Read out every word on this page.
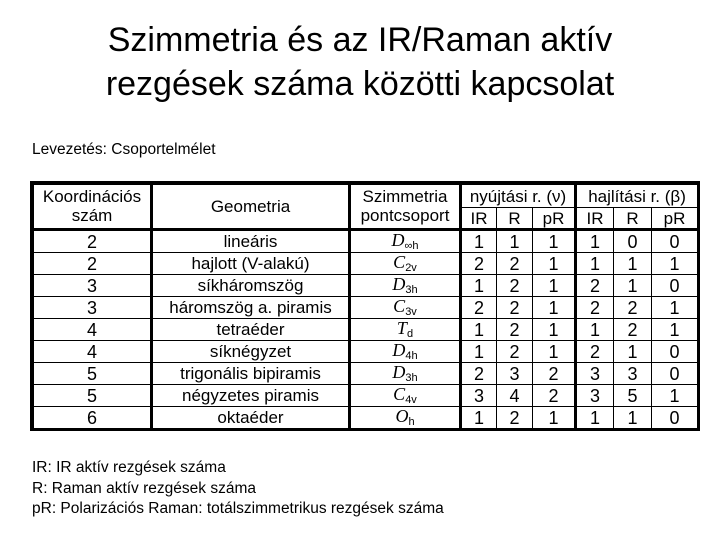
Szimmetria és az IR/Raman aktív
rezgések száma közötti kapcsolat
Levezetés: Csoportelmélet
Koordinációs szám	Geometria	Szimmetria pontcsoport	nyújtási r. (ν)			hajlítási r. (β)		
			IR	R	pR	IR	R	pR
2	lineáris	$D_{\infty h}$	1	1	1	1	0	0
2	hajlott (V-alakú)	$C_{2v}$	2	2	1	1	1	1
3	síkháromszög	$D_{3h}$	1	2	1	2	1	0
3	háromszög a. piramis	$C_{3v}$	2	2	1	2	2	1
4	tetraéder	$T_d$	1	2	1	1	2	1
4	síknégyzet	$D_{4h}$	1	2	1	2	1	0
5	trigonális bipiramis	$D_{3h}$	2	3	2	3	3	0
5	négyzetes piramis	$C_{4v}$	3	4	2	3	5	1
6	oktaéder	$O_h$	1	2	1	1	1	0
IR: IR aktív rezgések száma
R: Raman aktív rezgések száma
pR: Polarizációs Raman: totálszimmetrikus rezgések száma
